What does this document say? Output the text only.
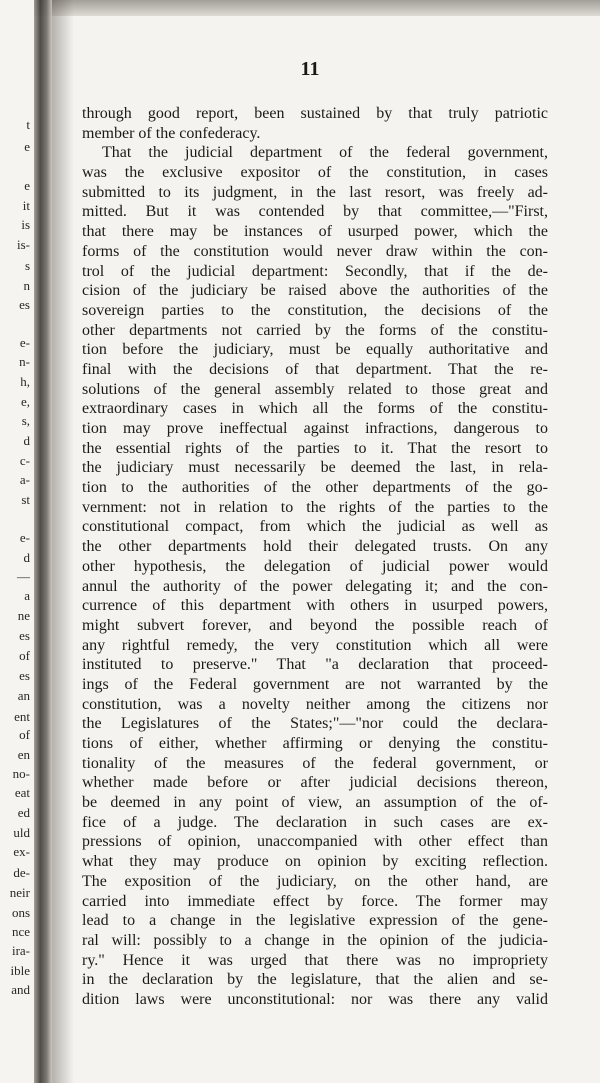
t
e
e
it
is
is-
s
n
es
e-
n-
h,
e,
s,
d
c-
a-
st
e-
d
—
a
ne
es
of
es
an
ent
of
en
no-
eat
ed
uld
ex-
de-
neir
ons
nce
ira-
ible
and
11
through good report, been sustained by that truly patriotic
member of the confederacy.
That the judicial department of the federal government,
was the exclusive expositor of the constitution, in cases
submitted to its judgment, in the last resort, was freely ad-
mitted. But it was contended by that committee,—"First,
that there may be instances of usurped power, which the
forms of the constitution would never draw within the con-
trol of the judicial department: Secondly, that if the de-
cision of the judiciary be raised above the authorities of the
sovereign parties to the constitution, the decisions of the
other departments not carried by the forms of the constitu-
tion before the judiciary, must be equally authoritative and
final with the decisions of that department. That the re-
solutions of the general assembly related to those great and
extraordinary cases in which all the forms of the constitu-
tion may prove ineffectual against infractions, dangerous to
the essential rights of the parties to it. That the resort to
the judiciary must necessarily be deemed the last, in rela-
tion to the authorities of the other departments of the go-
vernment: not in relation to the rights of the parties to the
constitutional compact, from which the judicial as well as
the other departments hold their delegated trusts. On any
other hypothesis, the delegation of judicial power would
annul the authority of the power delegating it; and the con-
currence of this department with others in usurped powers,
might subvert forever, and beyond the possible reach of
any rightful remedy, the very constitution which all were
instituted to preserve." That "a declaration that proceed-
ings of the Federal government are not warranted by the
constitution, was a novelty neither among the citizens nor
the Legislatures of the States;"—"nor could the declara-
tions of either, whether affirming or denying the constitu-
tionality of the measures of the federal government, or
whether made before or after judicial decisions thereon,
be deemed in any point of view, an assumption of the of-
fice of a judge. The declaration in such cases are ex-
pressions of opinion, unaccompanied with other effect than
what they may produce on opinion by exciting reflection.
The exposition of the judiciary, on the other hand, are
carried into immediate effect by force. The former may
lead to a change in the legislative expression of the gene-
ral will: possibly to a change in the opinion of the judicia-
ry." Hence it was urged that there was no impropriety
in the declaration by the legislature, that the alien and se-
dition laws were unconstitutional: nor was there any valid
